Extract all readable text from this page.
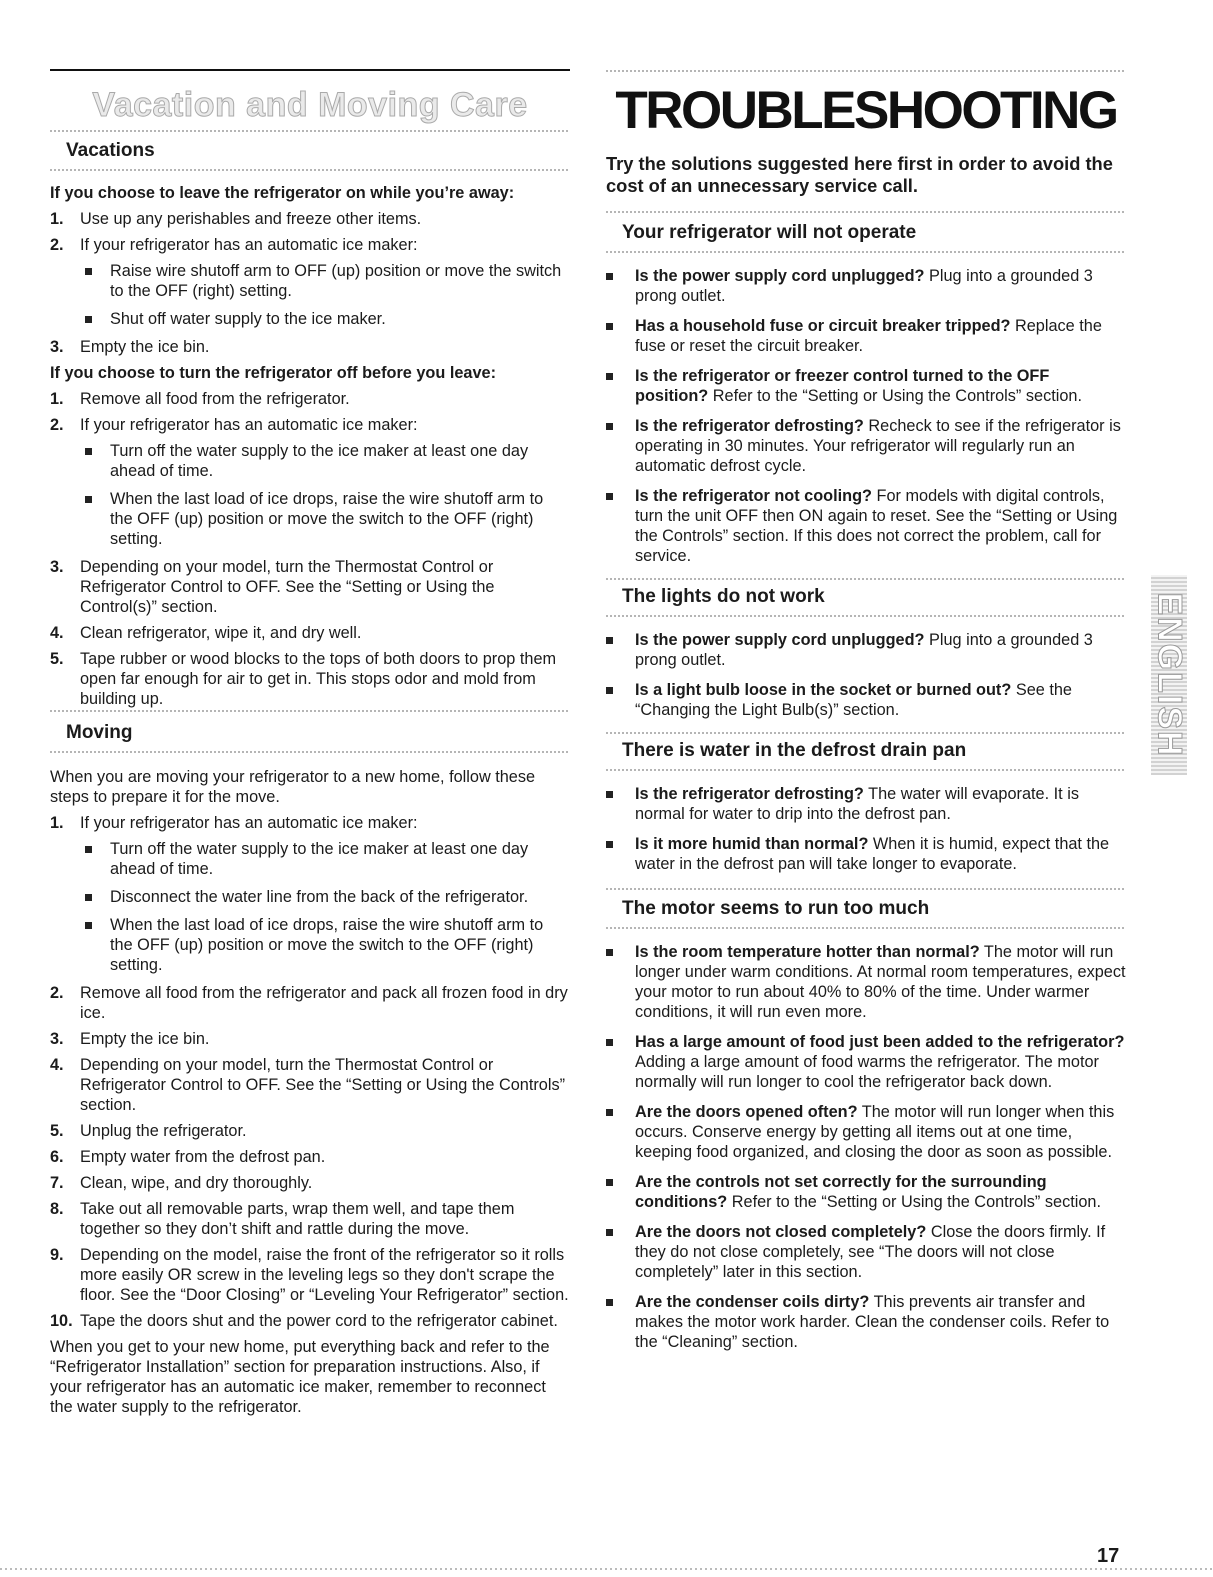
Vacation and Moving Care
Vacations
If you choose to leave the refrigerator on while you’re away:
1. Use up any perishables and freeze other items.
2. If your refrigerator has an automatic ice maker:
Raise wire shutoff arm to OFF (up) position or move the switch to the OFF (right) setting.
Shut off water supply to the ice maker.
3. Empty the ice bin.
If you choose to turn the refrigerator off before you leave:
1. Remove all food from the refrigerator.
2. If your refrigerator has an automatic ice maker:
Turn off the water supply to the ice maker at least one day ahead of time.
When the last load of ice drops, raise the wire shutoff arm to the OFF (up) position or move the switch to the OFF (right) setting.
3. Depending on your model, turn the Thermostat Control or Refrigerator Control to OFF. See the “Setting or Using the Control(s)” section.
4. Clean refrigerator, wipe it, and dry well.
5. Tape rubber or wood blocks to the tops of both doors to prop them open far enough for air to get in. This stops odor and mold from building up.
Moving
When you are moving your refrigerator to a new home, follow these steps to prepare it for the move.
1. If your refrigerator has an automatic ice maker:
Turn off the water supply to the ice maker at least one day ahead of time.
Disconnect the water line from the back of the refrigerator.
When the last load of ice drops, raise the wire shutoff arm to the OFF (up) position or move the switch to the OFF (right) setting.
2. Remove all food from the refrigerator and pack all frozen food in dry ice.
3. Empty the ice bin.
4. Depending on your model, turn the Thermostat Control or Refrigerator Control to OFF. See the “Setting or Using the Controls” section.
5. Unplug the refrigerator.
6. Empty water from the defrost pan.
7. Clean, wipe, and dry thoroughly.
8. Take out all removable parts, wrap them well, and tape them together so they don’t shift and rattle during the move.
9. Depending on the model, raise the front of the refrigerator so it rolls more easily OR screw in the leveling legs so they don't scrape the floor. See the “Door Closing” or “Leveling Your Refrigerator” section.
10. Tape the doors shut and the power cord to the refrigerator cabinet.
When you get to your new home, put everything back and refer to the “Refrigerator Installation” section for preparation instructions. Also, if your refrigerator has an automatic ice maker, remember to reconnect the water supply to the refrigerator.
TROUBLESHOOTING
Try the solutions suggested here first in order to avoid the cost of an unnecessary service call.
Your refrigerator will not operate
Is the power supply cord unplugged? Plug into a grounded 3 prong outlet.
Has a household fuse or circuit breaker tripped? Replace the fuse or reset the circuit breaker.
Is the refrigerator or freezer control turned to the OFF position? Refer to the “Setting or Using the Controls” section.
Is the refrigerator defrosting? Recheck to see if the refrigerator is operating in 30 minutes. Your refrigerator will regularly run an automatic defrost cycle.
Is the refrigerator not cooling? For models with digital controls, turn the unit OFF then ON again to reset. See the “Setting or Using the Controls” section. If this does not correct the problem, call for service.
The lights do not work
Is the power supply cord unplugged? Plug into a grounded 3 prong outlet.
Is a light bulb loose in the socket or burned out? See the “Changing the Light Bulb(s)” section.
There is water in the defrost drain pan
Is the refrigerator defrosting? The water will evaporate. It is normal for water to drip into the defrost pan.
Is it more humid than normal? When it is humid, expect that the water in the defrost pan will take longer to evaporate.
The motor seems to run too much
Is the room temperature hotter than normal? The motor will run longer under warm conditions. At normal room temperatures, expect your motor to run about 40% to 80% of the time. Under warmer conditions, it will run even more.
Has a large amount of food just been added to the refrigerator? Adding a large amount of food warms the refrigerator. The motor normally will run longer to cool the refrigerator back down.
Are the doors opened often? The motor will run longer when this occurs. Conserve energy by getting all items out at one time, keeping food organized, and closing the door as soon as possible.
Are the controls not set correctly for the surrounding conditions? Refer to the “Setting or Using the Controls” section.
Are the doors not closed completely? Close the doors firmly. If they do not close completely, see “The doors will not close completely” later in this section.
Are the condenser coils dirty? This prevents air transfer and makes the motor work harder. Clean the condenser coils. Refer to the “Cleaning” section.
ENGLISH
17
